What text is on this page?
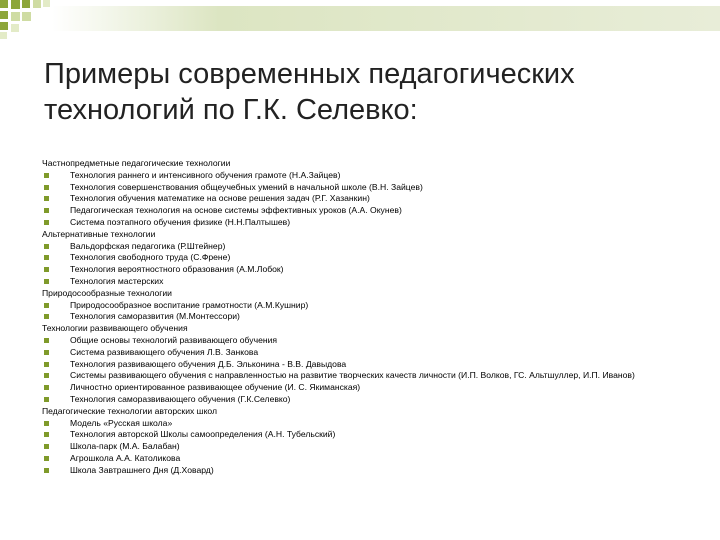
Примеры современных педагогических
технологий по Г.К. Селевко:
Частнопредметные педагогические технологии
Технология раннего и интенсивного обучения грамоте (Н.А.Зайцев)
Технология совершенствования общеучебных умений в начальной школе (В.Н. Зайцев)
Технология обучения математике на основе решения задач (Р.Г. Хазанкин)
Педагогическая технология на основе системы эффективных уроков (А.А. Окунев)
Система поэтапного обучения физике (Н.Н.Палтышев)
Альтернативные технологии
Вальдорфская педагогика (Р.Штейнер)
Технология свободного труда (С.Френе)
Технология вероятностного образования (А.М.Лобок)
Технология мастерских
Природосообразные технологии
Природосообразное воспитание грамотности (А.М.Кушнир)
Технология саморазвития (М.Монтессори)
Технологии развивающего обучения
Общие основы технологий развивающего обучения
Система развивающего обучения Л.В. Занкова
Технология развивающего обучения Д.Б. Эльконина - В.В. Давыдова
Системы развивающего обучения с направленностью на развитие творческих качеств личности (И.П. Волков, ГС. Альтшуллер, И.П. Иванов)
Личностно ориентированное развивающее обучение (И. С. Якиманская)
Технология саморазвивающего обучения (Г.К.Селевко)
Педагогические технологии авторских школ
Модель «Русская школа»
Технология авторской Школы самоопределения (А.Н. Тубельский)
Школа-парк (М.А. Балабан)
Агрошкола А.А. Католикова
Школа Завтрашнего Дня (Д.Ховард)
